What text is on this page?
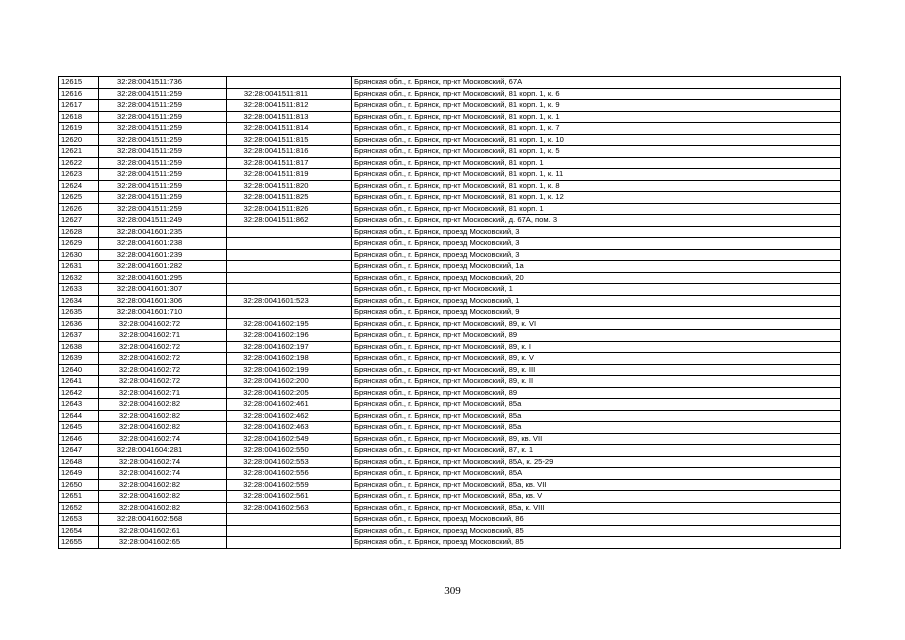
12615	32:28:0041511:736		Брянская обл., г. Брянск, пр-кт Московский, 67А
12616	32:28:0041511:259	32:28:0041511:811	Брянская обл., г. Брянск, пр-кт Московский, 81 корп. 1, к. 6
12617	32:28:0041511:259	32:28:0041511:812	Брянская обл., г. Брянск, пр-кт Московский, 81 корп. 1, к. 9
12618	32:28:0041511:259	32:28:0041511:813	Брянская обл., г. Брянск, пр-кт Московский, 81 корп. 1, к. 1
12619	32:28:0041511:259	32:28:0041511:814	Брянская обл., г. Брянск, пр-кт Московский, 81 корп. 1, к. 7
12620	32:28:0041511:259	32:28:0041511:815	Брянская обл., г. Брянск, пр-кт Московский, 81 корп. 1, к. 10
12621	32:28:0041511:259	32:28:0041511:816	Брянская обл., г. Брянск, пр-кт Московский, 81 корп. 1, к. 5
12622	32:28:0041511:259	32:28:0041511:817	Брянская обл., г. Брянск, пр-кт Московский, 81 корп. 1
12623	32:28:0041511:259	32:28:0041511:819	Брянская обл., г. Брянск, пр-кт Московский, 81 корп. 1, к. 11
12624	32:28:0041511:259	32:28:0041511:820	Брянская обл., г. Брянск, пр-кт Московский, 81 корп. 1, к. 8
12625	32:28:0041511:259	32:28:0041511:825	Брянская обл., г. Брянск, пр-кт Московский, 81 корп. 1, к. 12
12626	32:28:0041511:259	32:28:0041511:826	Брянская обл., г. Брянск, пр-кт Московский, 81 корп. 1
12627	32:28:0041511:249	32:28:0041511:862	Брянская обл., г. Брянск, пр-кт Московский, д. 67А, пом. 3
12628	32:28:0041601:235		Брянская обл., г. Брянск, проезд Московский, 3
12629	32:28:0041601:238		Брянская обл., г. Брянск, проезд Московский, 3
12630	32:28:0041601:239		Брянская обл., г. Брянск, проезд Московский, 3
12631	32:28:0041601:282		Брянская обл., г. Брянск, проезд Московский, 1а
12632	32:28:0041601:295		Брянская обл., г. Брянск, проезд Московский, 20
12633	32:28:0041601:307		Брянская обл., г. Брянск, пр-кт Московский, 1
12634	32:28:0041601:306	32:28:0041601:523	Брянская обл., г. Брянск, проезд Московский, 1
12635	32:28:0041601:710		Брянская обл., г. Брянск, проезд Московский, 9
12636	32:28:0041602:72	32:28:0041602:195	Брянская обл., г. Брянск, пр-кт Московский, 89, к. VI
12637	32:28:0041602:71	32:28:0041602:196	Брянская обл., г. Брянск, пр-кт Московский, 89
12638	32:28:0041602:72	32:28:0041602:197	Брянская обл., г. Брянск, пр-кт Московский, 89, к. I
12639	32:28:0041602:72	32:28:0041602:198	Брянская обл., г. Брянск, пр-кт Московский, 89, к. V
12640	32:28:0041602:72	32:28:0041602:199	Брянская обл., г. Брянск, пр-кт Московский, 89, к. III
12641	32:28:0041602:72	32:28:0041602:200	Брянская обл., г. Брянск, пр-кт Московский, 89, к. II
12642	32:28:0041602:71	32:28:0041602:205	Брянская обл., г. Брянск, пр-кт Московский, 89
12643	32:28:0041602:82	32:28:0041602:461	Брянская обл., г. Брянск, пр-кт Московский, 85а
12644	32:28:0041602:82	32:28:0041602:462	Брянская обл., г. Брянск, пр-кт Московский, 85а
12645	32:28:0041602:82	32:28:0041602:463	Брянская обл., г. Брянск, пр-кт Московский, 85а
12646	32:28:0041602:74	32:28:0041602:549	Брянская обл., г. Брянск, пр-кт Московский, 89, кв. VII
12647	32:28:0041604:281	32:28:0041602:550	Брянская обл., г. Брянск, пр-кт Московский, 87, к. 1
12648	32:28:0041602:74	32:28:0041602:553	Брянская обл., г. Брянск, пр-кт Московский, 85А, к. 25-29
12649	32:28:0041602:74	32:28:0041602:556	Брянская обл., г. Брянск, пр-кт Московский, 85А
12650	32:28:0041602:82	32:28:0041602:559	Брянская обл., г. Брянск, пр-кт Московский, 85а, кв. VII
12651	32:28:0041602:82	32:28:0041602:561	Брянская обл., г. Брянск, пр-кт Московский, 85а, кв. V
12652	32:28:0041602:82	32:28:0041602:563	Брянская обл., г. Брянск, пр-кт Московский, 85а, к. VIII
12653	32:28:0041602:568		Брянская обл., г. Брянск, проезд Московский, 86
12654	32:28:0041602:61		Брянская обл., г. Брянск, проезд Московский, 85
12655	32:28:0041602:65		Брянская обл., г. Брянск, проезд Московский, 85
309
